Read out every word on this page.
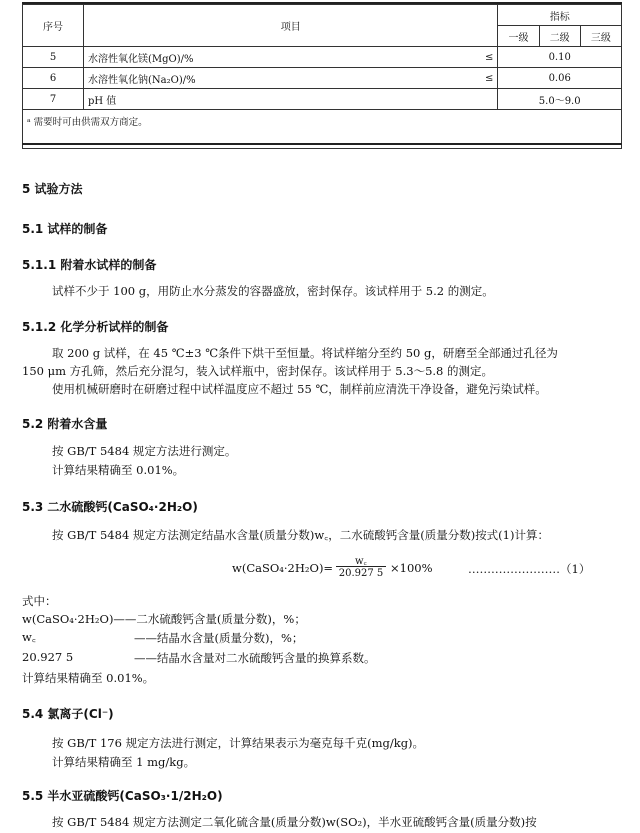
序号	项目		指标		
			一级	二级	三级
5	水溶性氧化镁(MgO)/%	≤	0.10		
6	水溶性氧化钠(Na₂O)/%	≤	0.06		
7	pH 值		5.0～9.0		
ᵃ 需要时可由供需双方商定。					
5 试验方法
5.1 试样的制备
5.1.1 附着水试样的制备
试样不少于 100 g，用防止水分蒸发的容器盛放，密封保存。该试样用于 5.2 的测定。
5.1.2 化学分析试样的制备
取 200 g 试样，在 45 ℃±3 ℃条件下烘干至恒量。将试样缩分至约 50 g，研磨至全部通过孔径为
150 μm 方孔筛，然后充分混匀，装入试样瓶中，密封保存。该试样用于 5.3～5.8 的测定。
使用机械研磨时在研磨过程中试样温度应不超过 55 ℃，制样前应清洗干净设备，避免污染试样。
5.2 附着水含量
按 GB/T 5484 规定方法进行测定。
计算结果精确至 0.01%。
5.3 二水硫酸钙(CaSO₄·2H₂O)
按 GB/T 5484 规定方法测定结晶水含量(质量分数)w꜀，二水硫酸钙含量(质量分数)按式(1)计算：
w(CaSO₄·2H₂O)=	w꜀
20.927 5 ×100%	……………………（1）
式中：
w(CaSO₄·2H₂O)——二水硫酸钙含量(质量分数)，%；
w꜀	——结晶水含量(质量分数)，%；
20.927 5	——结晶水含量对二水硫酸钙含量的换算系数。
计算结果精确至 0.01%。
5.4 氯离子(Cl⁻)
按 GB/T 176 规定方法进行测定，计算结果表示为毫克每千克(mg/kg)。
计算结果精确至 1 mg/kg。
5.5 半水亚硫酸钙(CaSO₃·1/2H₂O)
按 GB/T 5484 规定方法测定二氧化硫含量(质量分数)w(SO₂)，半水亚硫酸钙含量(质量分数)按
